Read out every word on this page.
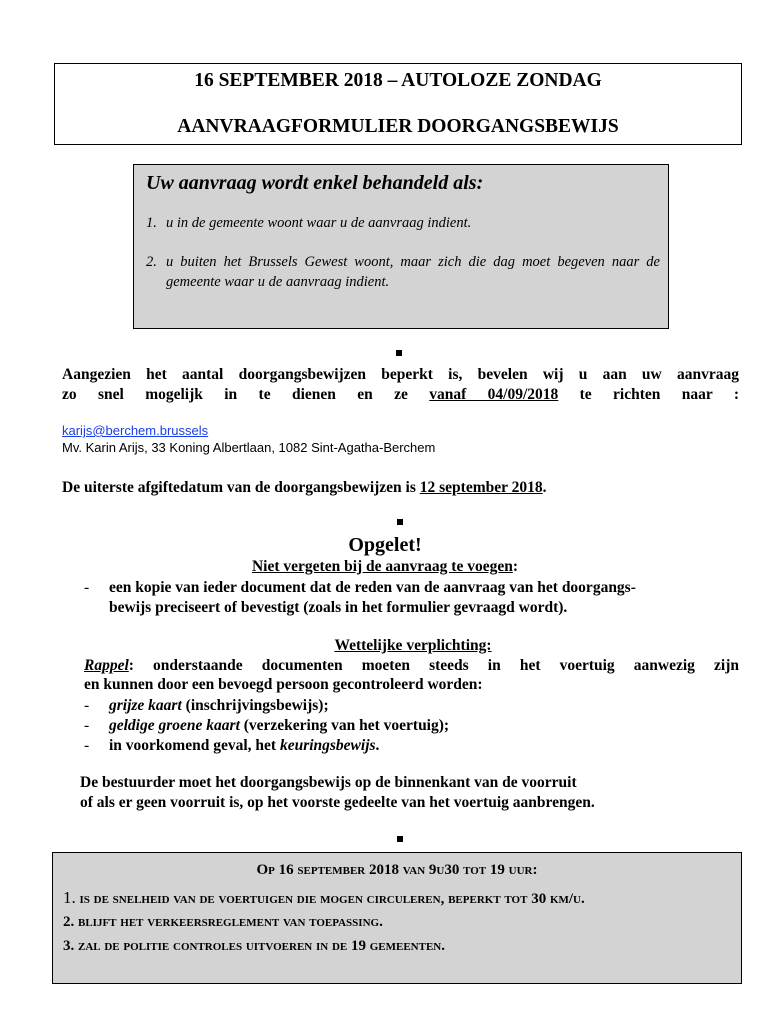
16 SEPTEMBER 2018 – AUTOLOZE ZONDAG
AANVRAAGFORMULIER DOORGANGSBEWIJS
Uw aanvraag wordt enkel behandeld als:
1. u in de gemeente woont waar u de aanvraag indient.
2. u buiten het Brussels Gewest woont, maar zich die dag moet begeven naar de gemeente waar u de aanvraag indient.
Aangezien het aantal doorgangsbewijzen beperkt is, bevelen wij u aan uw aanvraag
zo snel mogelijk in te dienen en ze vanaf 04/09/2018 te richten naar :
karijs@berchem.brussels
Mv. Karin Arijs, 33 Koning Albertlaan, 1082 Sint-Agatha-Berchem
De uiterste afgiftedatum van de doorgangsbewijzen is 12 september 2018.
Opgelet!
Niet vergeten bij de aanvraag te voegen:
- een kopie van ieder document dat de reden van de aanvraag van het doorgangs-
bewijs preciseert of bevestigt (zoals in het formulier gevraagd wordt).
Wettelijke verplichting:
Rappel: onderstaande documenten moeten steeds in het voertuig aanwezig zijn
en kunnen door een bevoegd persoon gecontroleerd worden:
- grijze kaart (inschrijvingsbewijs);
- geldige groene kaart (verzekering van het voertuig);
- in voorkomend geval, het keuringsbewijs.
De bestuurder moet het doorgangsbewijs op de binnenkant van de voorruit
of als er geen voorruit is, op het voorste gedeelte van het voertuig aanbrengen.
Op 16 september 2018 van 9u30 tot 19 uur:
1. is de snelheid van de voertuigen die mogen circuleren, beperkt tot 30 km/u.
2. blijft het verkeersreglement van toepassing.
3. zal de politie controles uitvoeren in de 19 gemeenten.
